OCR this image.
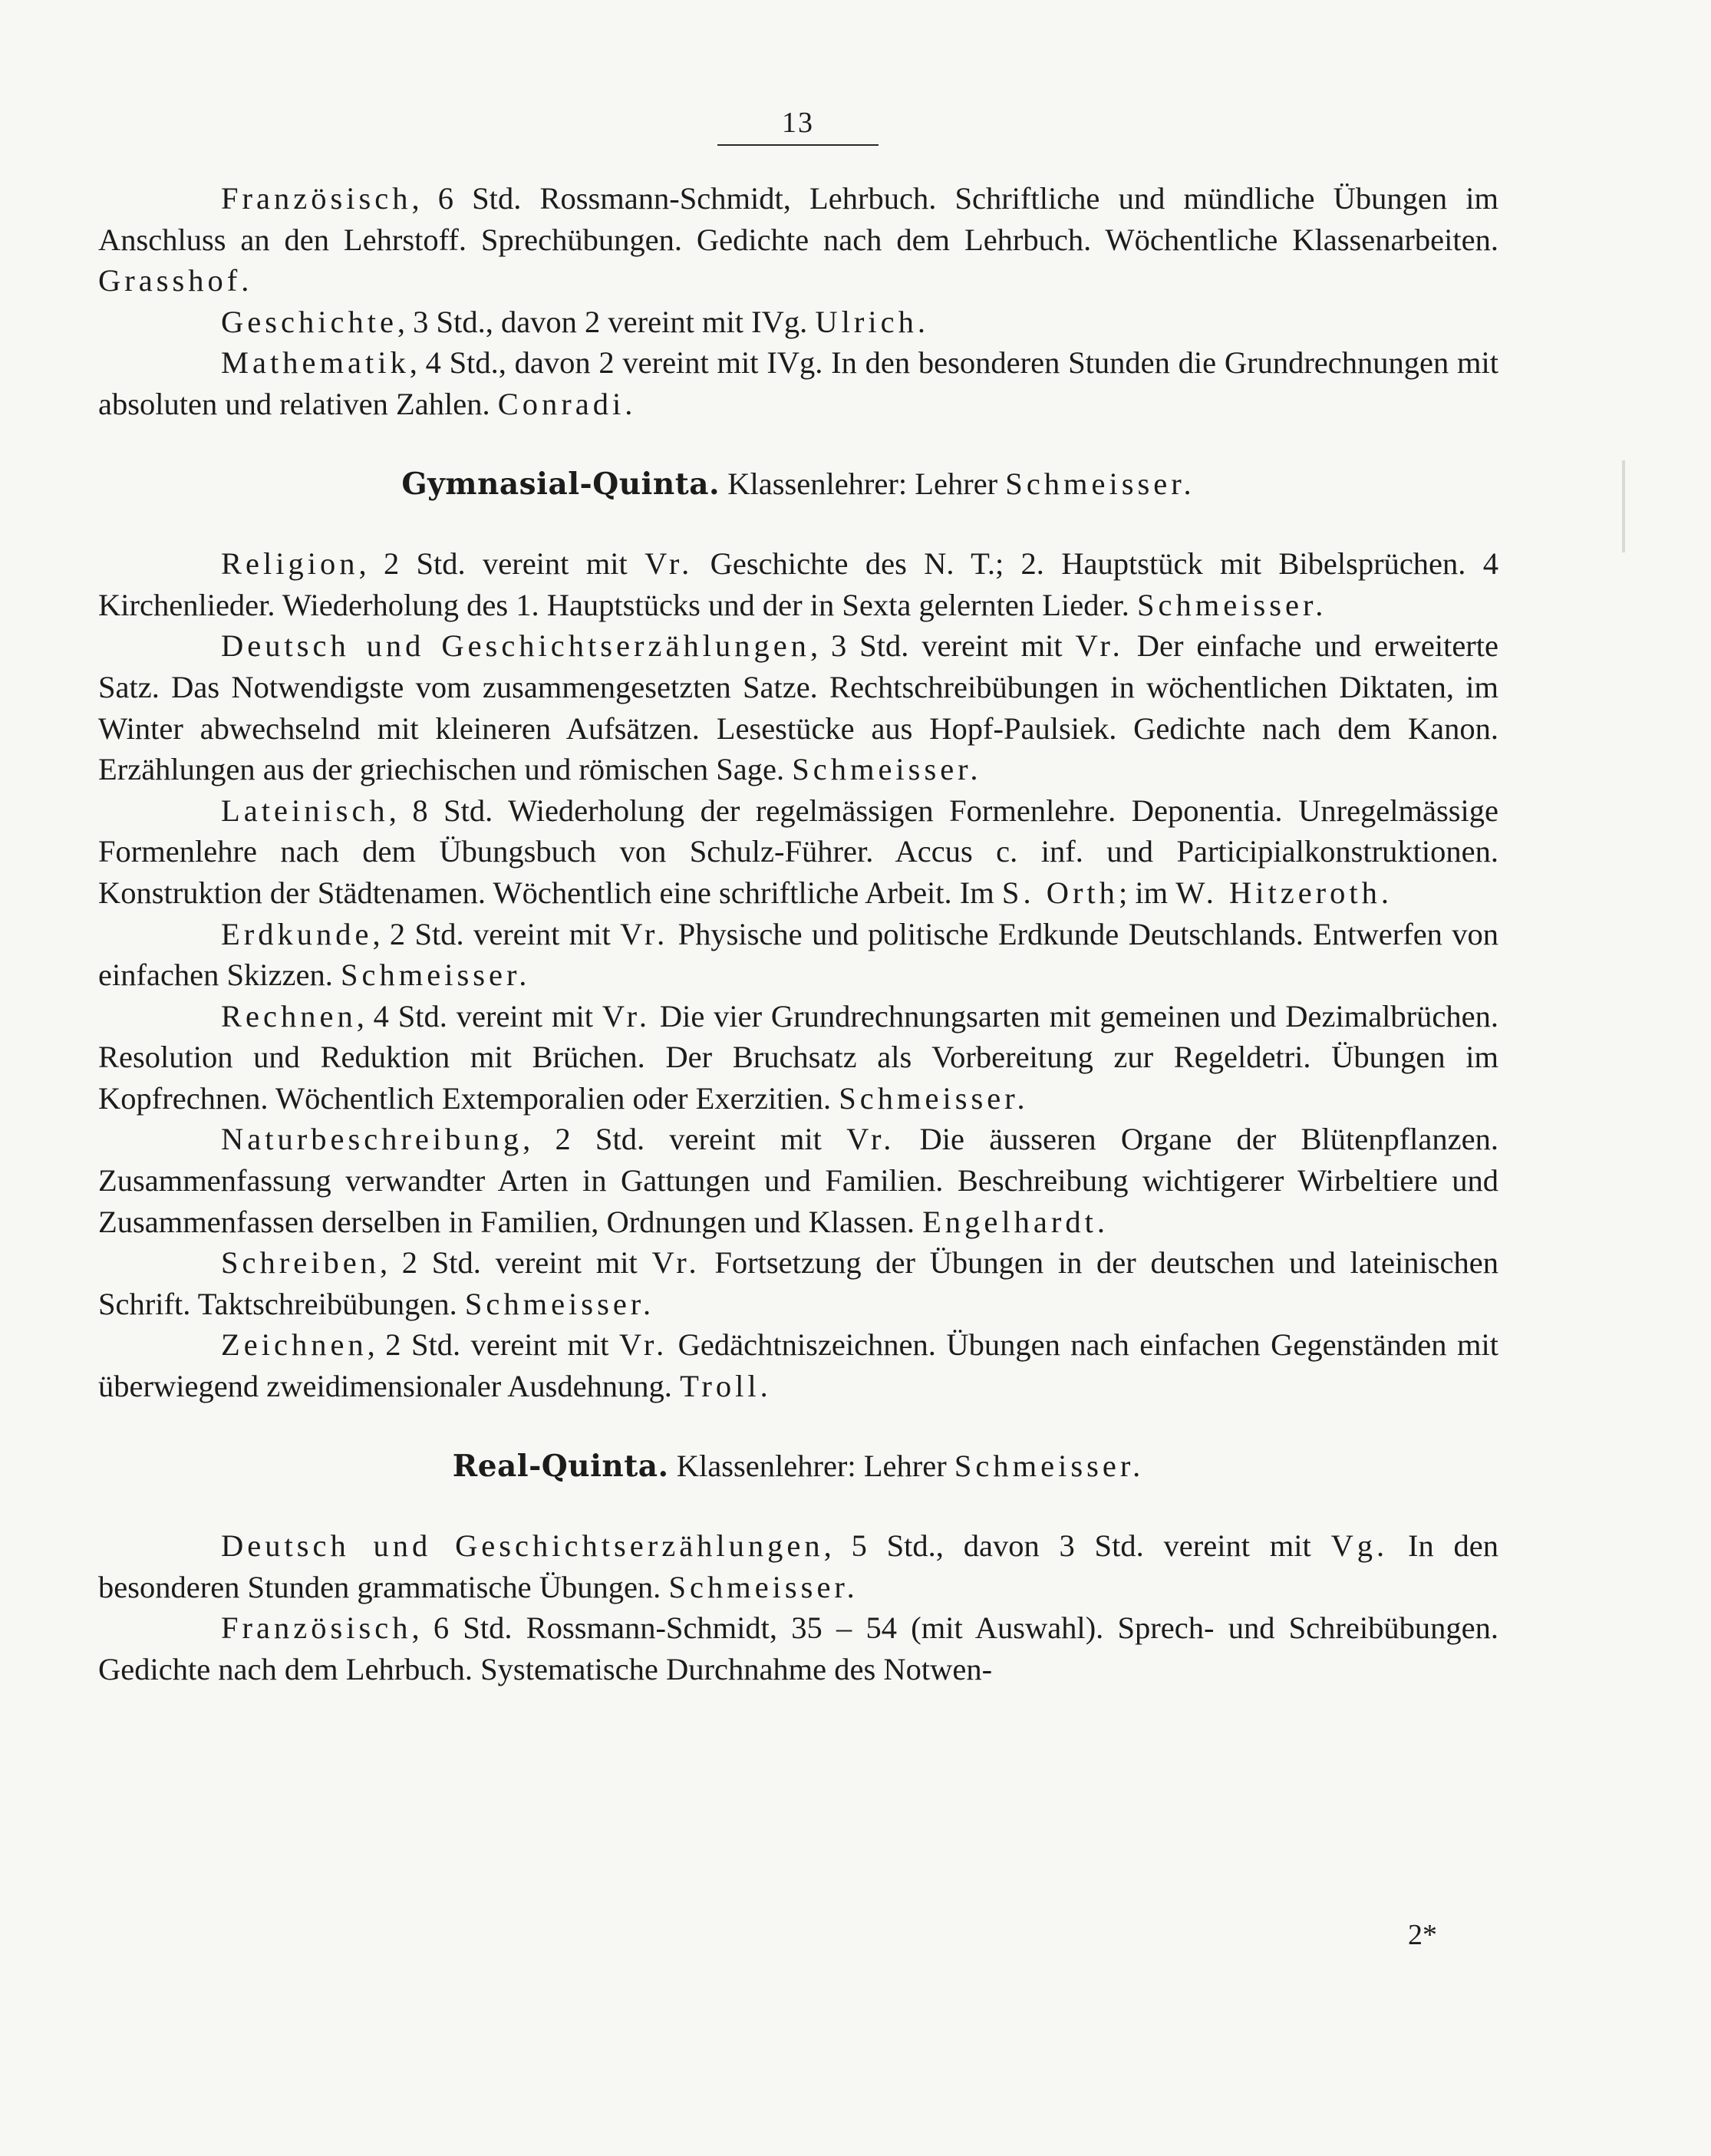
13

Französisch, 6 Std. Rossmann-Schmidt, Lehrbuch. Schriftliche und mündliche Übungen im Anschluss an den Lehrstoff. Sprechübungen. Gedichte nach dem Lehrbuch. Wöchentliche Klassenarbeiten. Grasshof.

Geschichte, 3 Std., davon 2 vereint mit IVg. Ulrich.

Mathematik, 4 Std., davon 2 vereint mit IVg. In den besonderen Stunden die Grundrechnungen mit absoluten und relativen Zahlen. Conradi.

Gymnasial-Quinta. Klassenlehrer: Lehrer Schmeisser.

Religion, 2 Std. vereint mit Vr. Geschichte des N. T.; 2. Hauptstück mit Bibelsprüchen. 4 Kirchenlieder. Wiederholung des 1. Hauptstücks und der in Sexta gelernten Lieder. Schmeisser.

Deutsch und Geschichtserzählungen, 3 Std. vereint mit Vr. Der einfache und erweiterte Satz. Das Notwendigste vom zusammengesetzten Satze. Rechtschreibübungen in wöchentlichen Diktaten, im Winter abwechselnd mit kleineren Aufsätzen. Lesestücke aus Hopf-Paulsiek. Gedichte nach dem Kanon. Erzählungen aus der griechischen und römischen Sage. Schmeisser.

Lateinisch, 8 Std. Wiederholung der regelmässigen Formenlehre. Deponentia. Unregelmässige Formenlehre nach dem Übungsbuch von Schulz-Führer. Accus c. inf. und Participialkonstruktionen. Konstruktion der Städtenamen. Wöchentlich eine schriftliche Arbeit. Im S. Orth; im W. Hitzeroth.

Erdkunde, 2 Std. vereint mit Vr. Physische und politische Erdkunde Deutschlands. Entwerfen von einfachen Skizzen. Schmeisser.

Rechnen, 4 Std. vereint mit Vr. Die vier Grundrechnungsarten mit gemeinen und Dezimalbrüchen. Resolution und Reduktion mit Brüchen. Der Bruchsatz als Vorbereitung zur Regeldetri. Übungen im Kopfrechnen. Wöchentlich Extemporalien oder Exerzitien. Schmeisser.

Naturbeschreibung, 2 Std. vereint mit Vr. Die äusseren Organe der Blütenpflanzen. Zusammenfassung verwandter Arten in Gattungen und Familien. Beschreibung wichtigerer Wirbeltiere und Zusammenfassen derselben in Familien, Ordnungen und Klassen. Engelhardt.

Schreiben, 2 Std. vereint mit Vr. Fortsetzung der Übungen in der deutschen und lateinischen Schrift. Taktschreibübungen. Schmeisser.

Zeichnen, 2 Std. vereint mit Vr. Gedächtniszeichnen. Übungen nach einfachen Gegenständen mit überwiegend zweidimensionaler Ausdehnung. Troll.

Real-Quinta. Klassenlehrer: Lehrer Schmeisser.

Deutsch und Geschichtserzählungen, 5 Std., davon 3 Std. vereint mit Vg. In den besonderen Stunden grammatische Übungen. Schmeisser.

Französisch, 6 Std. Rossmann-Schmidt, 35 – 54 (mit Auswahl). Sprech- und Schreibübungen. Gedichte nach dem Lehrbuch. Systematische Durchnahme des Notwen-

2*
